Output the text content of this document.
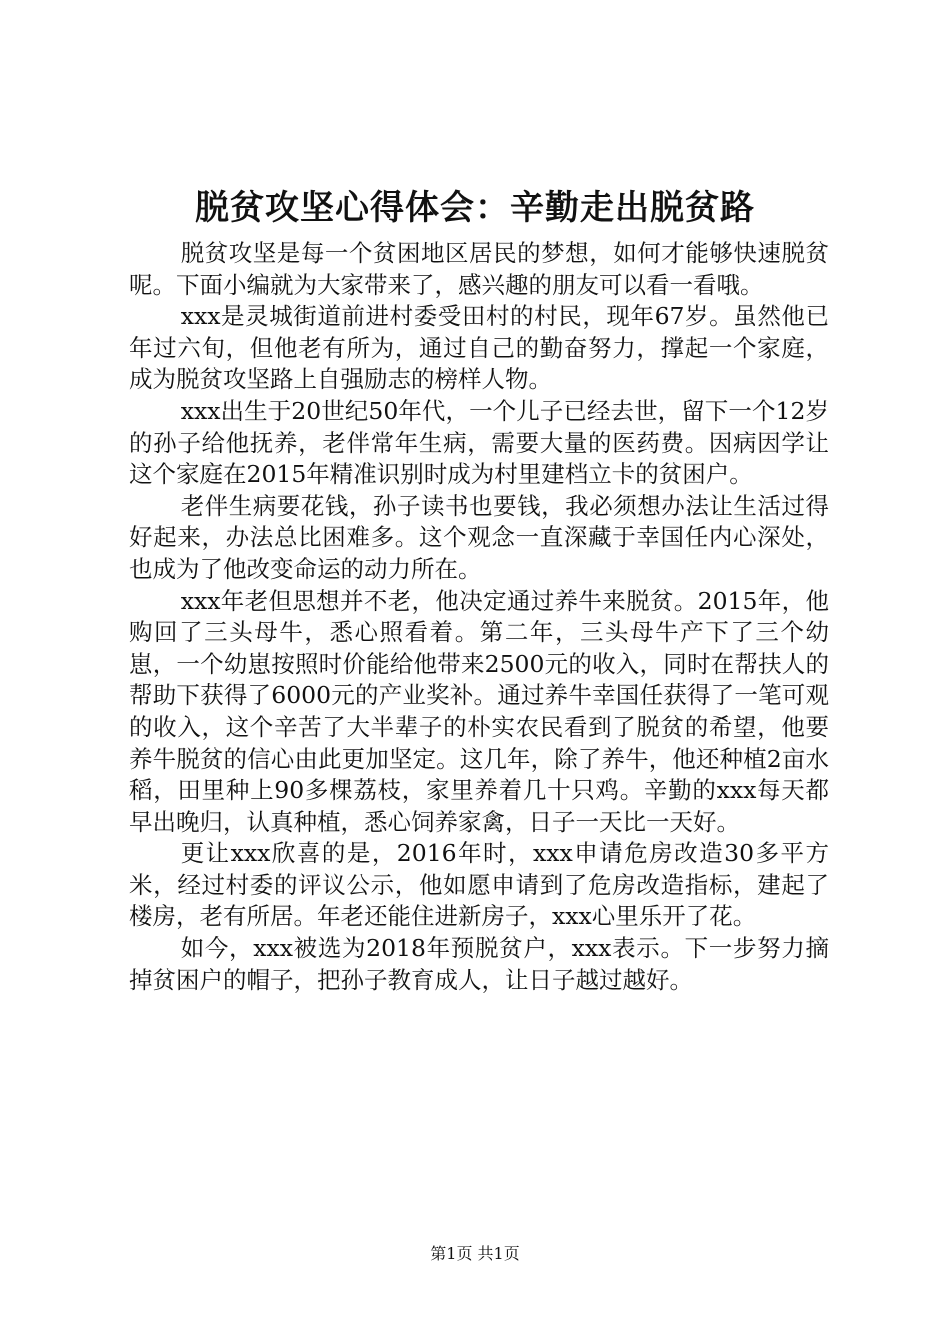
脱贫攻坚心得体会：辛勤走出脱贫路

脱贫攻坚是每一个贫困地区居民的梦想，如何才能够快速脱贫呢。下面小编就为大家带来了，感兴趣的朋友可以看一看哦。

xxx是灵城街道前进村委受田村的村民，现年67岁。虽然他已年过六旬，但他老有所为，通过自己的勤奋努力，撑起一个家庭，成为脱贫攻坚路上自强励志的榜样人物。

xxx出生于20世纪50年代，一个儿子已经去世，留下一个12岁的孙子给他抚养，老伴常年生病，需要大量的医药费。因病因学让这个家庭在2015年精准识别时成为村里建档立卡的贫困户。

老伴生病要花钱，孙子读书也要钱，我必须想办法让生活过得好起来，办法总比困难多。这个观念一直深藏于幸国任内心深处，也成为了他改变命运的动力所在。

xxx年老但思想并不老，他决定通过养牛来脱贫。2015年，他购回了三头母牛，悉心照看着。第二年，三头母牛产下了三个幼崽，一个幼崽按照时价能给他带来2500元的收入，同时在帮扶人的帮助下获得了6000元的产业奖补。通过养牛幸国任获得了一笔可观的收入，这个辛苦了大半辈子的朴实农民看到了脱贫的希望，他要养牛脱贫的信心由此更加坚定。这几年，除了养牛，他还种植2亩水稻，田里种上90多棵荔枝，家里养着几十只鸡。辛勤的xxx每天都早出晚归，认真种植，悉心饲养家禽，日子一天比一天好。

更让xxx欣喜的是，2016年时，xxx申请危房改造30多平方米，经过村委的评议公示，他如愿申请到了危房改造指标，建起了楼房，老有所居。年老还能住进新房子，xxx心里乐开了花。

如今，xxx被选为2018年预脱贫户，xxx表示。下一步努力摘掉贫困户的帽子，把孙子教育成人，让日子越过越好。

第1页 共1页
